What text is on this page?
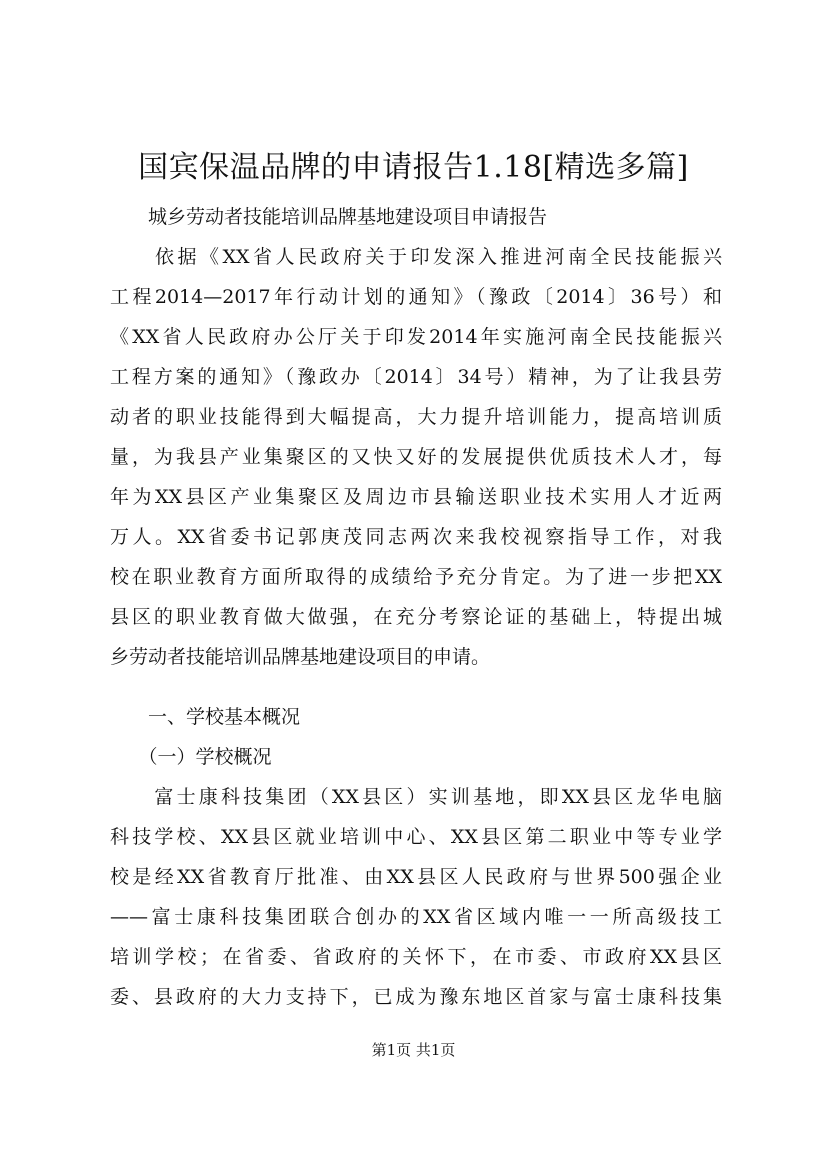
国宾保温品牌的申请报告1.18[精选多篇]
　　城乡劳动者技能培训品牌基地建设项目申请报告
　　依据《XX省人民政府关于印发深入推进河南全民技能振兴
工程2014—2017年行动计划的通知》（豫政〔2014〕36号）和
《XX省人民政府办公厅关于印发2014年实施河南全民技能振兴
工程方案的通知》（豫政办〔2014〕34号）精神，为了让我县劳
动者的职业技能得到大幅提高，大力提升培训能力，提高培训质
量，为我县产业集聚区的又快又好的发展提供优质技术人才，每
年为XX县区产业集聚区及周边市县输送职业技术实用人才近两
万人。XX省委书记郭庚茂同志两次来我校视察指导工作，对我
校在职业教育方面所取得的成绩给予充分肯定。为了进一步把XX
县区的职业教育做大做强，在充分考察论证的基础上，特提出城
乡劳动者技能培训品牌基地建设项目的申请。
　　一、学校基本概况
　　（一）学校概况
　　富士康科技集团（XX县区）实训基地，即XX县区龙华电脑
科技学校、XX县区就业培训中心、XX县区第二职业中等专业学
校是经XX省教育厅批准、由XX县区人民政府与世界500强企业
——富士康科技集团联合创办的XX省区域内唯一一所高级技工
培训学校；在省委、省政府的关怀下，在市委、市政府XX县区
委、县政府的大力支持下，已成为豫东地区首家与富士康科技集
第1页 共1页
